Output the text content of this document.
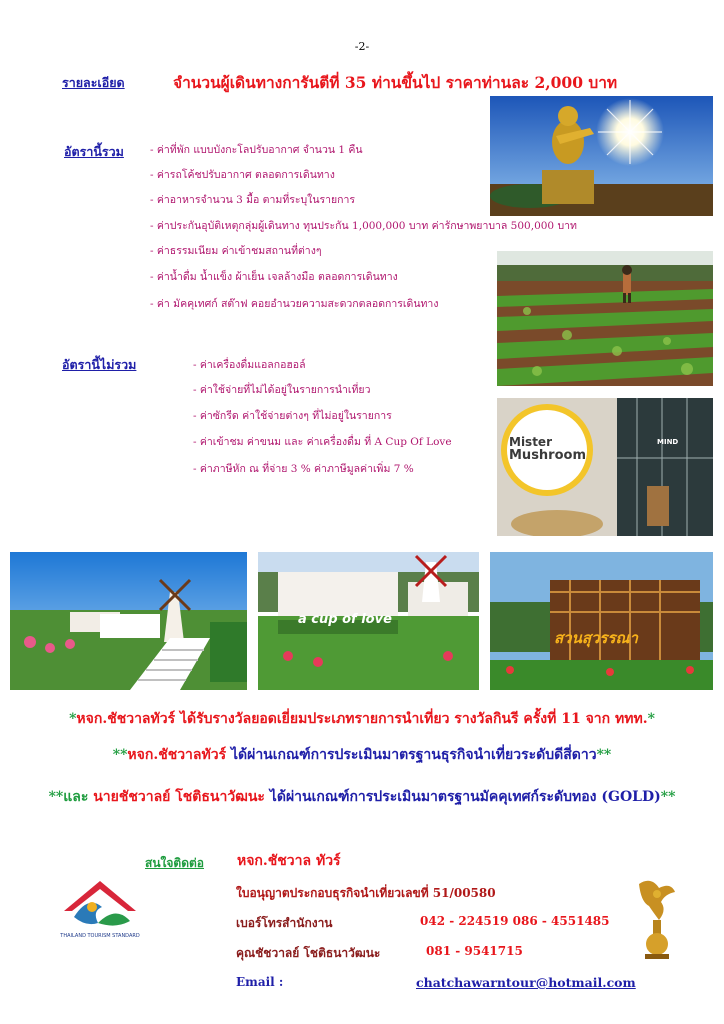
-2-
รายละเอียด	จำนวนผู้เดินทางการันตีที่ 35 ท่านขึ้นไป ราคาท่านละ 2,000 บาท
อัตรานี้รวม - ค่าที่พัก แบบบังกะโลปรับอากาศ จำนวน 1 คืน
- ค่ารถโค้ชปรับอากาศ ตลอดการเดินทาง
- ค่าอาหารจำนวน 3 มื้อ ตามที่ระบุในรายการ
- ค่าประกันอุบัติเหตุกลุ่มผู้เดินทาง ทุนประกัน 1,000,000 บาท ค่ารักษาพยาบาล 500,000 บาท
- ค่าธรรมเนียม ค่าเข้าชมสถานที่ต่างๆ
- ค่าน้ำดื่ม น้ำแข็ง ผ้าเย็น เจลล้างมือ ตลอดการเดินทาง
- ค่า มัคคุเทศก์ สต๊าฟ คอยอำนวยความสะดวกตลอดการเดินทาง
อัตรานี้ไม่รวม	- ค่าเครื่องดื่มแอลกอฮอล์
- ค่าใช้จ่ายที่ไม่ได้อยู่ในรายการนำเที่ยว
- ค่าซักรีด ค่าใช้จ่ายต่างๆ ที่ไม่อยู่ในรายการ
- ค่าเข้าชม ค่าขนม และ ค่าเครื่องดื่ม ที่ A Cup Of Love
- ค่าภาษีหัก ณ ที่จ่าย 3 % ค่าภาษีมูลค่าเพิ่ม 7 %
Mister
Mushroom
MIND
a cup of love
สวนสุวรรณา
*หจก.ชัชวาลทัวร์ ได้รับรางวัลยอดเยี่ยมประเภทรายการนำเที่ยว รางวัลกินรี ครั้งที่ 11 จาก ททท.*
**หจก.ชัชวาลทัวร์ ได้ผ่านเกณฑ์การประเมินมาตรฐานธุรกิจนำเที่ยวระดับดีสี่ดาว**
**และ นายชัชวาลย์ โชติธนาวัฒนะ ได้ผ่านเกณฑ์การประเมินมาตรฐานมัคคุเทศก์ระดับทอง (GOLD)**
สนใจติดต่อ หจก.ชัชวาล ทัวร์
ใบอนุญาตประกอบธุรกิจนำเที่ยวเลขที่ 51/00580
เบอร์โทรสำนักงาน	042 - 224519 086 - 4551485
คุณชัชวาลย์ โชติธนาวัฒนะ	081 - 9541715
Email :	chatchawarntour@hotmail.com
THAILAND TOURISM STANDARD
